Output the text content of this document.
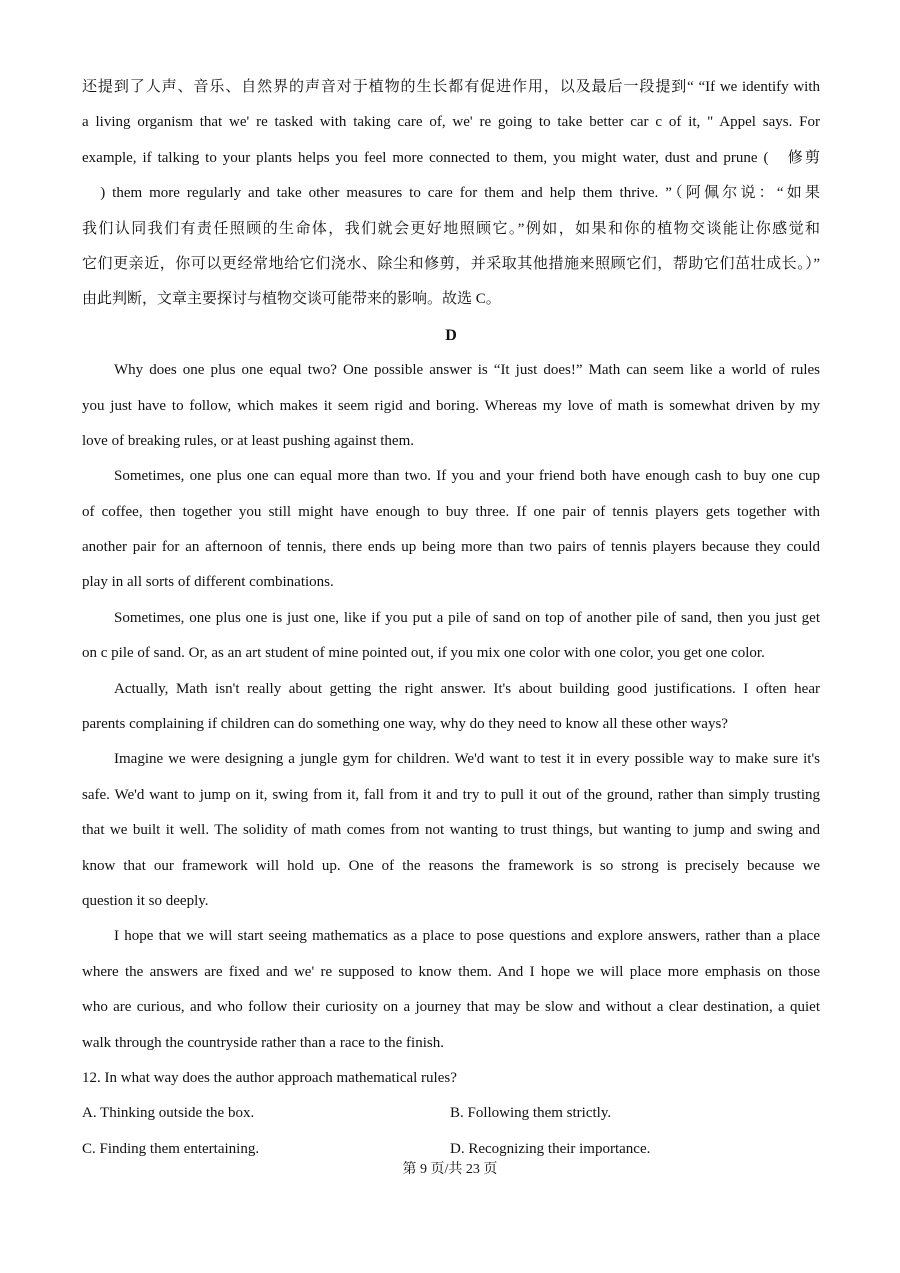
还提到了人声、音乐、自然界的声音对于植物的生长都有促进作用，以及最后一段提到“ “If we identify with
a living organism that we' re tasked with taking care of, we' re going to take better car c of it, " Appel says. For
example, if talking to your plants helps you feel more connected to them, you might water, dust and prune (　修剪
　) them more regularly and take other measures to care for them and help them thrive. ”（阿佩尔说：“如果
我们认同我们有责任照顾的生命体，我们就会更好地照顾它。”例如，如果和你的植物交谈能让你感觉和
它们更亲近，你可以更经常地给它们浇水、除尘和修剪，并采取其他措施来照顾它们，帮助它们茁壮成长。）”
由此判断，文章主要探讨与植物交谈可能带来的影响。故选 C。
D
Why does one plus one equal two? One possible answer is “It just does!” Math can seem like a world of rules
you just have to follow, which makes it seem rigid and boring. Whereas my love of math is somewhat driven by my
love of breaking rules, or at least pushing against them.
Sometimes, one plus one can equal more than two. If you and your friend both have enough cash to buy one cup
of coffee, then together you still might have enough to buy three. If one pair of tennis players gets together with
another pair for an afternoon of tennis, there ends up being more than two pairs of tennis players because they could
play in all sorts of different combinations.
Sometimes, one plus one is just one, like if you put a pile of sand on top of another pile of sand, then you just get
on c pile of sand. Or, as an art student of mine pointed out, if you mix one color with one color, you get one color.
Actually, Math isn't really about getting the right answer. It's about building good justifications. I often hear
parents complaining if children can do something one way, why do they need to know all these other ways?
Imagine we were designing a jungle gym for children. We'd want to test it in every possible way to make sure it's
safe. We'd want to jump on it, swing from it, fall from it and try to pull it out of the ground, rather than simply trusting
that we built it well. The solidity of math comes from not wanting to trust things, but wanting to jump and swing and
know that our framework will hold up. One of the reasons the framework is so strong is precisely because we
question it so deeply.
I hope that we will start seeing mathematics as a place to pose questions and explore answers, rather than a place
where the answers are fixed and we' re supposed to know them. And I hope we will place more emphasis on those
who are curious, and who follow their curiosity on a journey that may be slow and without a clear destination, a quiet
walk through the countryside rather than a race to the finish.
12. In what way does the author approach mathematical rules?
A. Thinking outside the box.	B. Following them strictly.
C. Finding them entertaining.	D. Recognizing their importance.
第 9 页/共 23 页
